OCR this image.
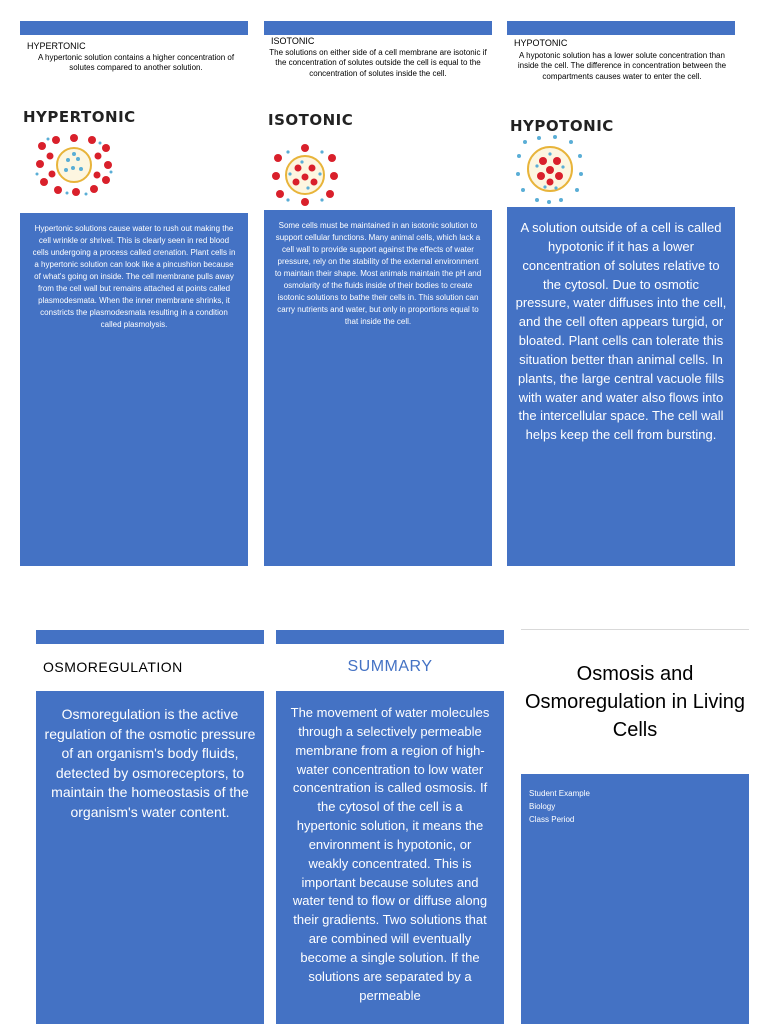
HYPERTONIC
A hypertonic solution contains a higher concentration of solutes compared to another solution.
HYPERTONIC
Hypertonic solutions cause water to rush out making the cell wrinkle or shrivel. This is clearly seen in red blood cells undergoing a process called crenation. Plant cells in a hypertonic solution can look like a pincushion because of what's going on inside. The cell membrane pulls away from the cell wall but remains attached at points called plasmodesmata. When the inner membrane shrinks, it constricts the plasmodesmata resulting in a condition called plasmolysis.
ISOTONIC
The solutions on either side of a cell membrane are isotonic if the concentration of solutes outside the cell is equal to the concentration of solutes inside the cell.
ISOTONIC
Some cells must be maintained in an isotonic solution to support cellular functions. Many animal cells, which lack a cell wall to provide support against the effects of water pressure, rely on the stability of the external environment to maintain their shape. Most animals maintain the pH and osmolarity of the fluids inside of their bodies to create isotonic solutions to bathe their cells in. This solution can carry nutrients and water, but only in proportions equal to that inside the cell.
HYPOTONIC
A hypotonic solution has a lower solute concentration than inside the cell. The difference in concentration between the compartments causes water to enter the cell.
HYPOTONIC
A solution outside of a cell is called hypotonic if it has a lower concentration of solutes relative to the cytosol. Due to osmotic pressure, water diffuses into the cell, and the cell often appears turgid, or bloated. Plant cells can tolerate this situation better than animal cells. In plants, the large central vacuole fills with water and water also flows into the intercellular space. The cell wall helps keep the cell from bursting.
OSMOREGULATION
Osmoregulation is the active regulation of the osmotic pressure of an organism's body fluids, detected by osmoreceptors, to maintain the homeostasis of the organism's water content.
SUMMARY
The movement of water molecules through a selectively permeable membrane from a region of high-water concentration to low water concentration is called osmosis. If the cytosol of the cell is a hypertonic solution, it means the environment is hypotonic, or weakly concentrated. This is important because solutes and water tend to flow or diffuse along their gradients. Two solutions that are combined will eventually become a single solution. If the solutions are separated by a permeable
Osmosis and Osmoregulation in Living Cells
Student Example
Biology
Class Period
